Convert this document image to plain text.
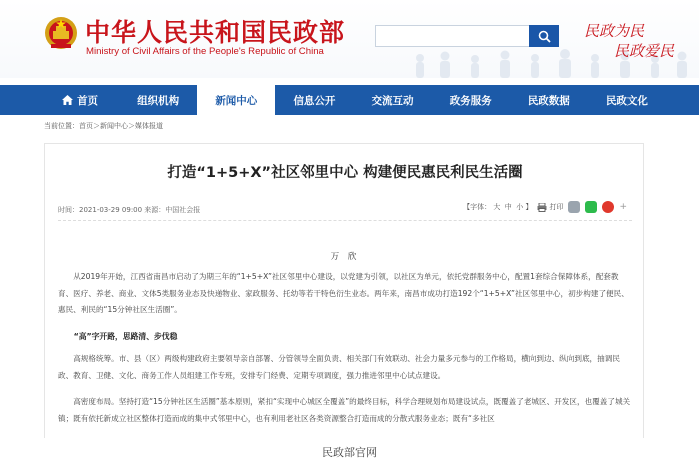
中华人民共和国民政部
Ministry of Civil Affairs of the People's Republic of China
民政为民
民政爱民
首页	组织机构	新闻中心	信息公开	交流互动	政务服务	民政数据	民政文化
当前位置：首页＞新闻中心＞媒体报道
打造“1+5+X”社区邻里中心 构建便民惠民利民生活圈
时间：2021-03-29 09:00 来源：中国社会报	【字体： 大 中 小 】 打印	+
万 欣
从2019年开始，江西省南昌市启动了为期三年的“1+5+X”社区邻里中心建设，以党建为引领，以社区为单元，依托党群服务中心，配置1套综合保障体系，配套教育、医疗、养老、商业、文体5类服务业态及快递物业、家政服务、托幼等若干特色衍生业态。两年来，南昌市成功打造192个“1+5+X”社区邻里中心，初步构建了便民、惠民、利民的“15分钟社区生活圈”。
“高”字开路，思路清、步伐稳
高规格统筹。市、县（区）两级构建政府主要领导亲自部署、分管领导全面负责、相关部门有效联动、社会力量多元参与的工作格局，横向到边、纵向到底，抽调民政、教育、卫健、文化、商务工作人员组建工作专班，安排专门经费、定期专项调度，强力推进邻里中心试点建设。
高密度布局。坚持打造“15分钟社区生活圈”基本原则，紧扣“实现中心城区全覆盖”的最终目标，科学合理规划布局建设试点，既覆盖了老城区、开发区，也覆盖了城关镇；既有依托新成立社区整体打造而成的集中式邻里中心，也有利用老社区各类资源整合打造而成的分散式服务业态；既有“多社区
民政部官网
